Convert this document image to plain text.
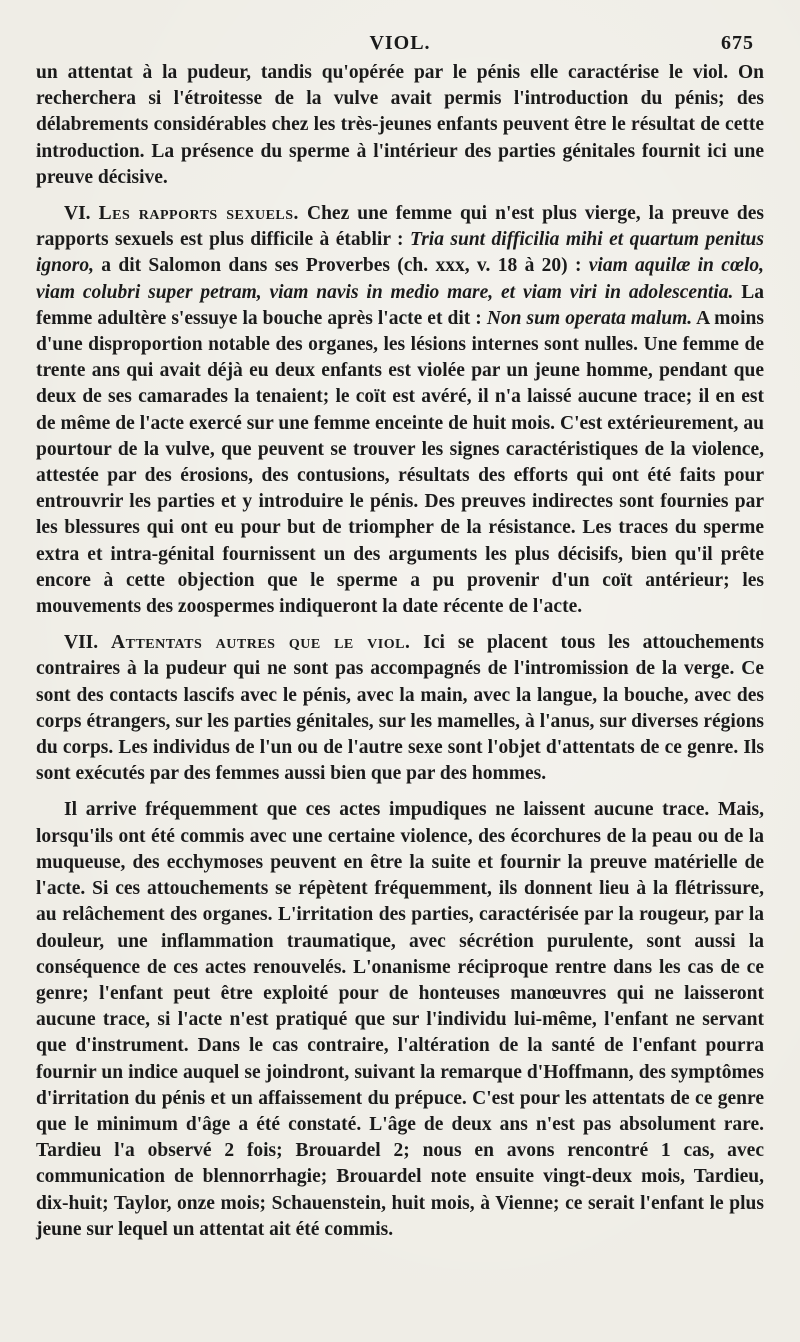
VIOL.	675

un attentat à la pudeur, tandis qu'opérée par le pénis elle caractérise le viol. On recherchera si l'étroitesse de la vulve avait permis l'introduction du pénis; des délabrements considérables chez les très-jeunes enfants peuvent être le résultat de cette introduction. La présence du sperme à l'intérieur des parties génitales fournit ici une preuve décisive.

VI. Les rapports sexuels. Chez une femme qui n'est plus vierge, la preuve des rapports sexuels est plus difficile à établir : Tria sunt difficilia mihi et quartum penitus ignoro, a dit Salomon dans ses Proverbes (ch. xxx, v. 18 à 20) : viam aquilæ in cœlo, viam colubri super petram, viam navis in medio mare, et viam viri in adolescentia. La femme adultère s'essuye la bouche après l'acte et dit : Non sum operata malum. A moins d'une disproportion notable des organes, les lésions internes sont nulles. Une femme de trente ans qui avait déjà eu deux enfants est violée par un jeune homme, pendant que deux de ses camarades la tenaient; le coït est avéré, il n'a laissé aucune trace; il en est de même de l'acte exercé sur une femme enceinte de huit mois. C'est extérieurement, au pourtour de la vulve, que peuvent se trouver les signes caractéristiques de la violence, attestée par des érosions, des contusions, résultats des efforts qui ont été faits pour entrouvrir les parties et y introduire le pénis. Des preuves indirectes sont fournies par les blessures qui ont eu pour but de triompher de la résistance. Les traces du sperme extra et intra-génital fournissent un des arguments les plus décisifs, bien qu'il prête encore à cette objection que le sperme a pu provenir d'un coït antérieur; les mouvements des zoospermes indiqueront la date récente de l'acte.

VII. Attentats autres que le viol. Ici se placent tous les attouchements contraires à la pudeur qui ne sont pas accompagnés de l'intromission de la verge. Ce sont des contacts lascifs avec le pénis, avec la main, avec la langue, la bouche, avec des corps étrangers, sur les parties génitales, sur les mamelles, à l'anus, sur diverses régions du corps. Les individus de l'un ou de l'autre sexe sont l'objet d'attentats de ce genre. Ils sont exécutés par des femmes aussi bien que par des hommes.

Il arrive fréquemment que ces actes impudiques ne laissent aucune trace. Mais, lorsqu'ils ont été commis avec une certaine violence, des écorchures de la peau ou de la muqueuse, des ecchymoses peuvent en être la suite et fournir la preuve matérielle de l'acte. Si ces attouchements se répètent fréquemment, ils donnent lieu à la flétrissure, au relâchement des organes. L'irritation des parties, caractérisée par la rougeur, par la douleur, une inflammation traumatique, avec sécrétion purulente, sont aussi la conséquence de ces actes renouvelés. L'onanisme réciproque rentre dans les cas de ce genre; l'enfant peut être exploité pour de honteuses manœuvres qui ne laisseront aucune trace, si l'acte n'est pratiqué que sur l'individu lui-même, l'enfant ne servant que d'instrument. Dans le cas contraire, l'altération de la santé de l'enfant pourra fournir un indice auquel se joindront, suivant la remarque d'Hoffmann, des symptômes d'irritation du pénis et un affaissement du prépuce. C'est pour les attentats de ce genre que le minimum d'âge a été constaté. L'âge de deux ans n'est pas absolument rare. Tardieu l'a observé 2 fois; Brouardel 2; nous en avons rencontré 1 cas, avec communication de blennorrhagie; Brouardel note ensuite vingt-deux mois, Tardieu, dix-huit; Taylor, onze mois; Schauenstein, huit mois, à Vienne; ce serait l'enfant le plus jeune sur lequel un attentat ait été commis.
